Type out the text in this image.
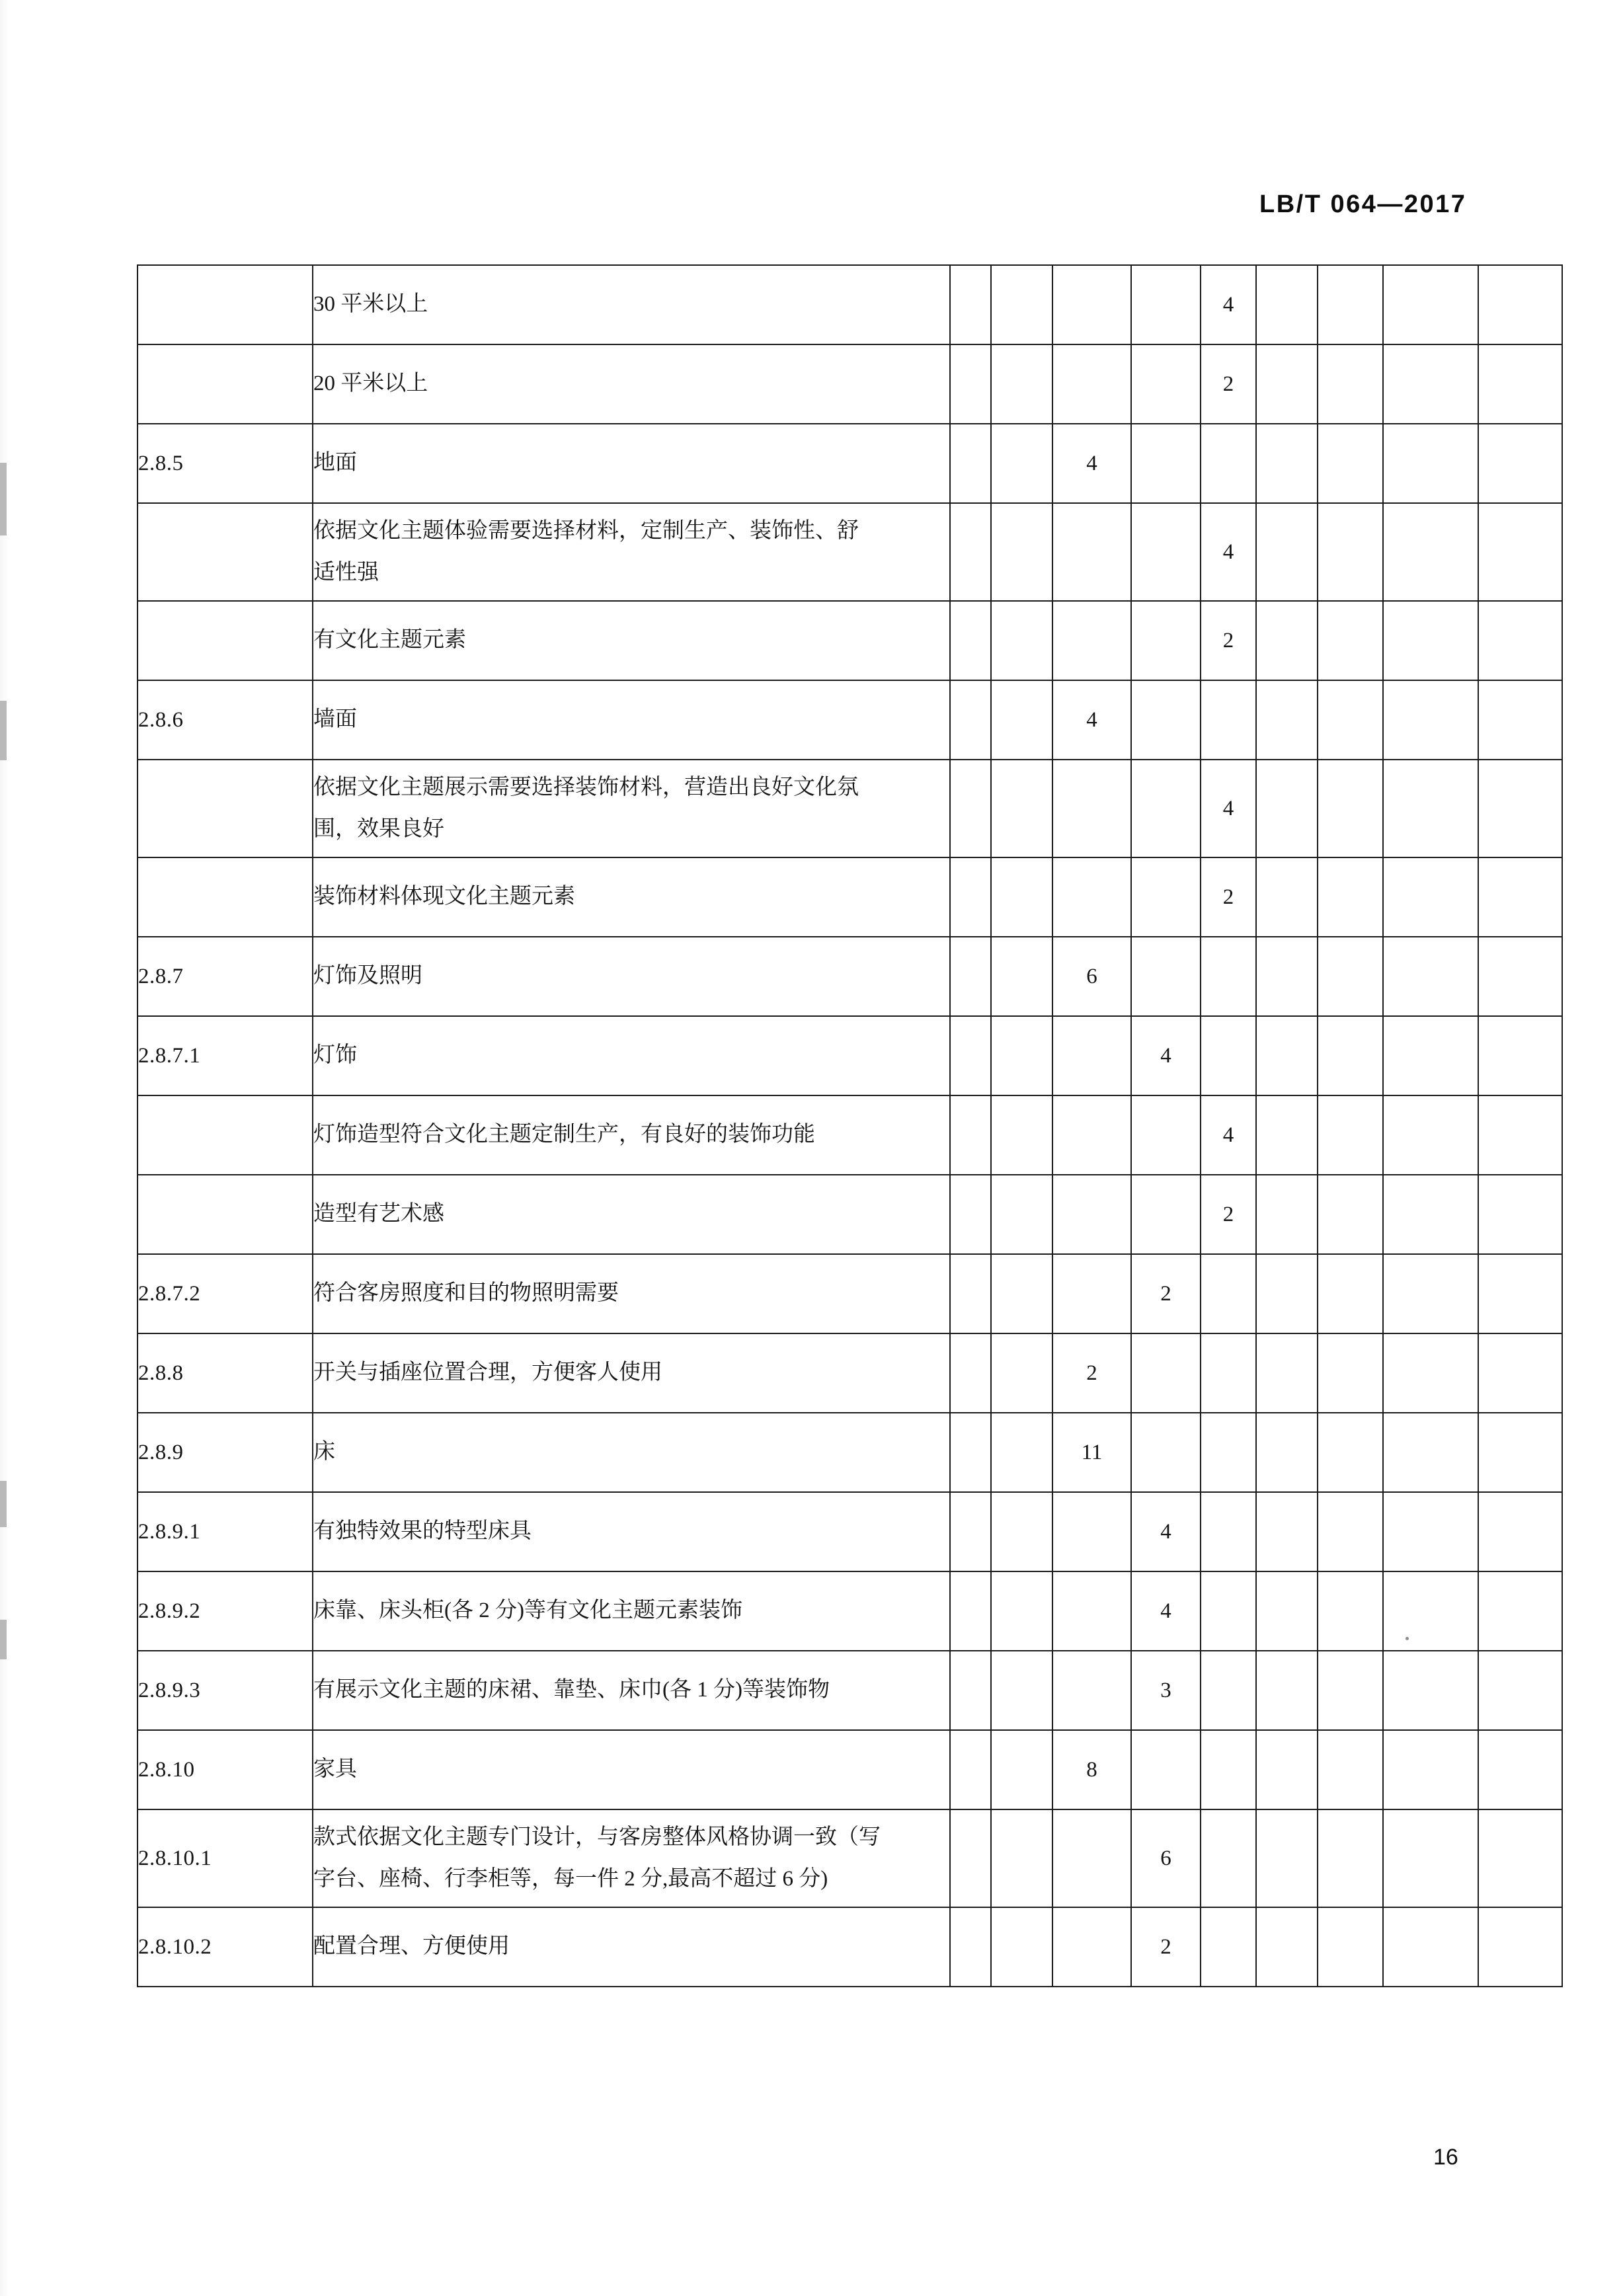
LB/T 064—2017

	30 平米以上					4				

	20 平米以上					2				
2.8.5	地面			4						

	依据文化主题体验需要选择材料，定制生产、装饰性、舒
适性强					4				

	有文化主题元素					2				
2.8.6	墙面			4						

	依据文化主题展示需要选择装饰材料，营造出良好文化氛
围，效果良好					4				

	装饰材料体现文化主题元素					2				
2.8.7	灯饰及照明			6						
2.8.7.1	灯饰				4					

	灯饰造型符合文化主题定制生产，有良好的装饰功能					4				

	造型有艺术感					2				
2.8.7.2	符合客房照度和目的物照明需要				2					
2.8.8	开关与插座位置合理，方便客人使用			2						
2.8.9	床			11						
2.8.9.1	有独特效果的特型床具				4					
2.8.9.2	床靠、床头柜(各 2 分)等有文化主题元素装饰				4					
2.8.9.3	有展示文化主题的床裙、靠垫、床巾(各 1 分)等装饰物				3					
2.8.10	家具			8						
2.8.10.1	款式依据文化主题专门设计，与客房整体风格协调一致（写
字台、座椅、行李柜等，每一件 2 分,最高不超过 6 分)				6					
2.8.10.2	配置合理、方便使用				2					
16
